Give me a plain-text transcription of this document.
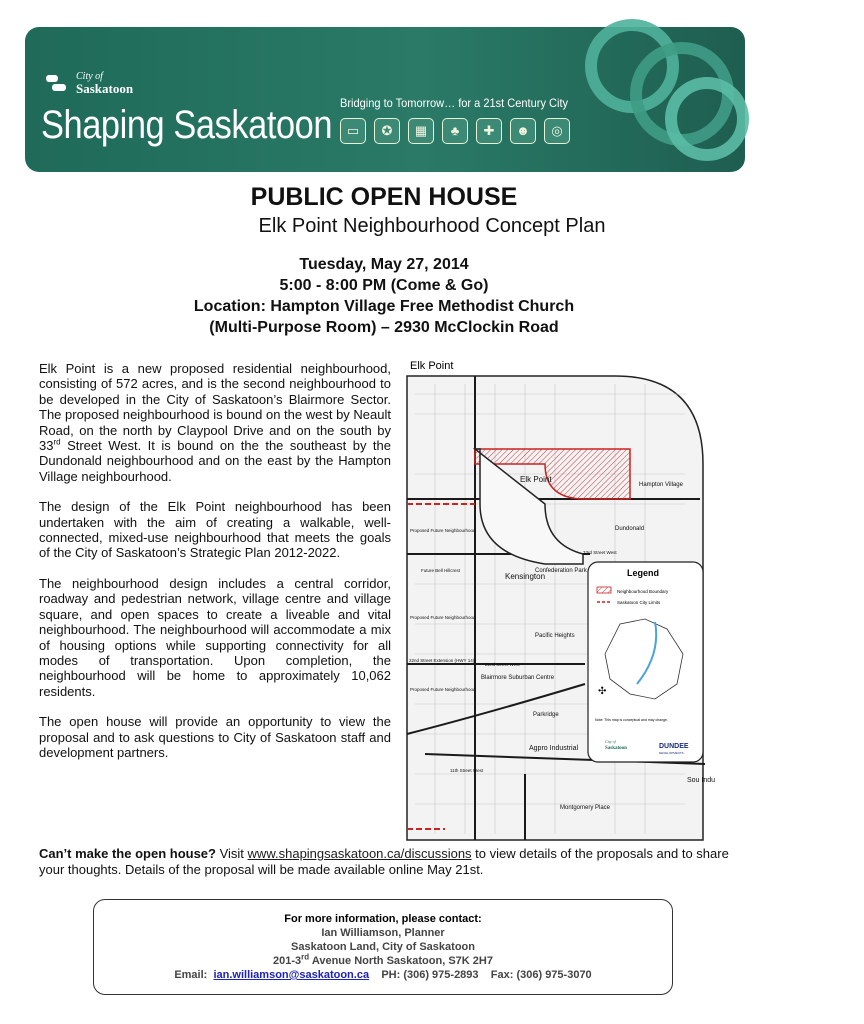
City of
Saskatoon
Shaping Saskatoon Bridging to Tomorrow… for a 21st Century City
▭	✪	▦	♣	✚	☻	◎
PUBLIC OPEN HOUSE
Elk Point Neighbourhood Concept Plan
Tuesday, May 27, 2014
5:00 - 8:00 PM (Come & Go)
Location: Hampton Village Free Methodist Church
(Multi-Purpose Room) – 2930 McClockin Road

Elk Point is a new proposed residential neighbourhood, consisting of 572 acres, and is the second neighbourhood to be developed in the City of Saskatoon’s Blairmore Sector. The proposed neighbourhood is bound on the west by Neault Road, on the north by Claypool Drive and on the south by 33rd Street West. It is bound on the the southeast by the Dundonald neighbourhood and on the east by the Hampton Village neighbourhood.

The design of the Elk Point neighbourhood has been undertaken with the aim of creating a walkable, well-connected, mixed-use neighbourhood that meets the goals of the City of Saskatoon’s Strategic Plan 2012-2022.

The neighbourhood design includes a central corridor, roadway and pedestrian network, village centre and village square, and open spaces to create a liveable and vital neighbourhood. The neighbourhood will accommodate a mix of housing options while supporting connectivity for all modes of transportation. Upon completion, the neighbourhood will be home to approximately 10,062 residents.

The open house will provide an opportunity to view the proposal and to ask questions to City of Saskatoon staff and development partners.

Elk Point
Elk Point
Hampton Village
Dundonald
Kensington
Confederation Park
Pacific Heights
Blairmore Suburban Centre
Parkridge
Agpro Industrial
Montgomery Place
Proposed Future Neighbourhood
Proposed Future Neighbourhood
Proposed Future Neighbourhood
33rd Street West
22nd Street West
11th Street West
22nd Street Extension (HWY 14)
Future Bell Hillcrest
Sou Indu
Legend
Neighbourhood Boundary
Saskatoon City Limits
✣
Note: This map is conceptual and may change.
City of
Saskatoon	DUNDEE
DEVELOPMENTS
Can’t make the open house? Visit www.shapingsaskatoon.ca/discussions to view details of the proposals and to share your thoughts. Details of the proposal will be made available online May 21st.
For more information, please contact:
Ian Williamson, Planner
Saskatoon Land, City of Saskatoon
201-3rd Avenue North Saskatoon, S7K 2H7
Email: ian.williamson@saskatoon.ca PH: (306) 975-2893 Fax: (306) 975-3070
